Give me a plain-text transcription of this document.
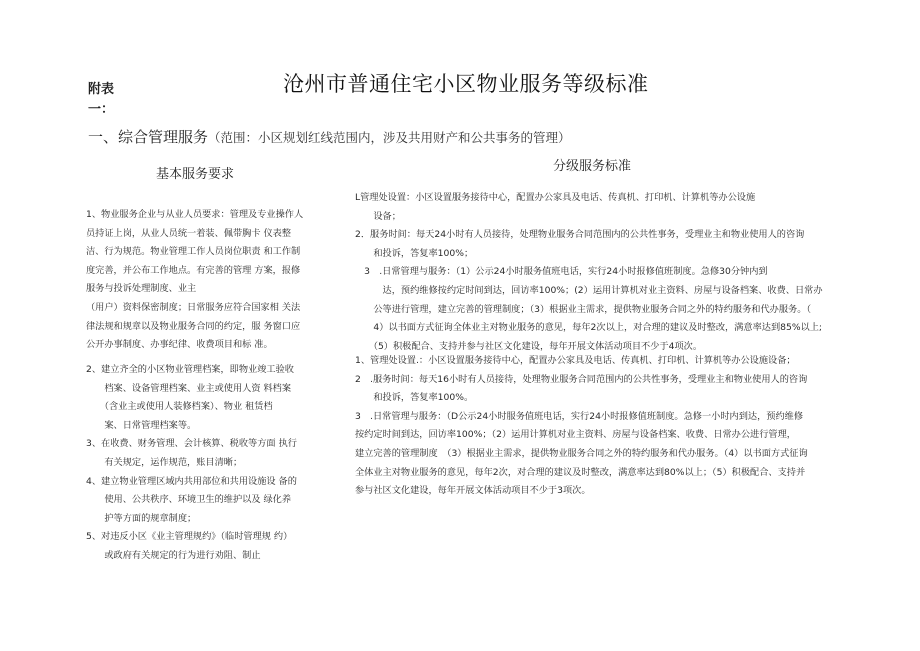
附表
一：
沧州市普通住宅小区物业服务等级标准
一、综合管理服务（范围：小区规划红线范围内，涉及共用财产和公共事务的管理）
基本服务要求
分级服务标准
1、物业服务企业与从业人员要求：管理及专业操作人
员持证上岗，从业人员统一着装、佩带胸卡 仪表整
洁、行为规范。物业管理工作人员岗位职责 和工作制
度完善，并公布工作地点。有完善的管理 方案，报修
服务与投诉处理制度、业主
（用户）资料保密制度；日常服务应符合国家相 关法
律法规和规章以及物业服务合同的约定，服 务窗口应
公开办事制度、办事纪律、收费项目和标 准。
2、建立齐全的小区物业管理档案，即物业竣工验收
　　档案、设备管理档案、业主或使用人资 料档案
　　（含业主或使用人装修档案）、物业 租赁档
　　案、日常管理档案等。
3、在收费、财务管理、会计核算、税收等方面 执行
　　有关规定，运作规范，账目清晰；
4、建立物业管理区域内共用部位和共用设施设 备的
　　使用、公共秩序、环境卫生的维护以及 绿化养
　　护等方面的规章制度；
5、对违反小区《业主管理规约》（临时管理规 约）
　　或政府有关规定的行为进行劝阻、制止
L管理处设置：小区设置服务接待中心，配置办公家具及电话、传真机、打印机、计算机等办公设施
　　设备；
2．服务时间：每天24小时有人员接待，处理物业服务合同范围内的公共性事务，受理业主和物业使用人的咨询
　　和投诉，答复率100%；
　3　.日常管理与服务：（1）公示24小时服务值班电话，实行24小时报修值班制度。急修30分钟内到
　　　达，预约维修按约定时间到达，回访率100%；(2）运用计算机对业主资料、房屋与设备档案、收费、日常办
　　公等进行管理，建立完善的管理制度；（3）根据业主需求，提供物业服务合同之外的特约服务和代办服务。（
　　4）以书面方式征询全体业主对物业服务的意见，每年2次以上，对合理的建议及时整改，满意率达到85%以上;
　　（5）积极配合、支持并参与社区文化建设，每年开展文体活动项目不少于4项次。
1、管理处设置.：小区设置服务接待中心，配置办公家具及电话、传真机、打印机、计算机等办公设施设备；
2　.服务时间：每天16小时有人员接待，处理物业服务合同范围内的公共性事务，受理业主和物业使用人的咨询
　　和投诉，答复率100%。
3　.日常管理与服务：（D公示24小时服务值班电话，实行24小时报修值班制度。急修一小时内到达，预约维修
按约定时间到达，回访率100%；（2）运用计算机对业主资料、房屋与设备档案、收费、日常办公进行管理，
建立完善的管理制度　（3）根据业主需求，提供物业服务合同之外的特约服务和代办服务。（4）以书面方式征询
全体业主对物业服务的意见，每年2次，对合理的建议及时整改，满意率达到80%以上；（5）积极配合、支持并
参与社区文化建设，每年开展文体活动项目不少于3项次。
